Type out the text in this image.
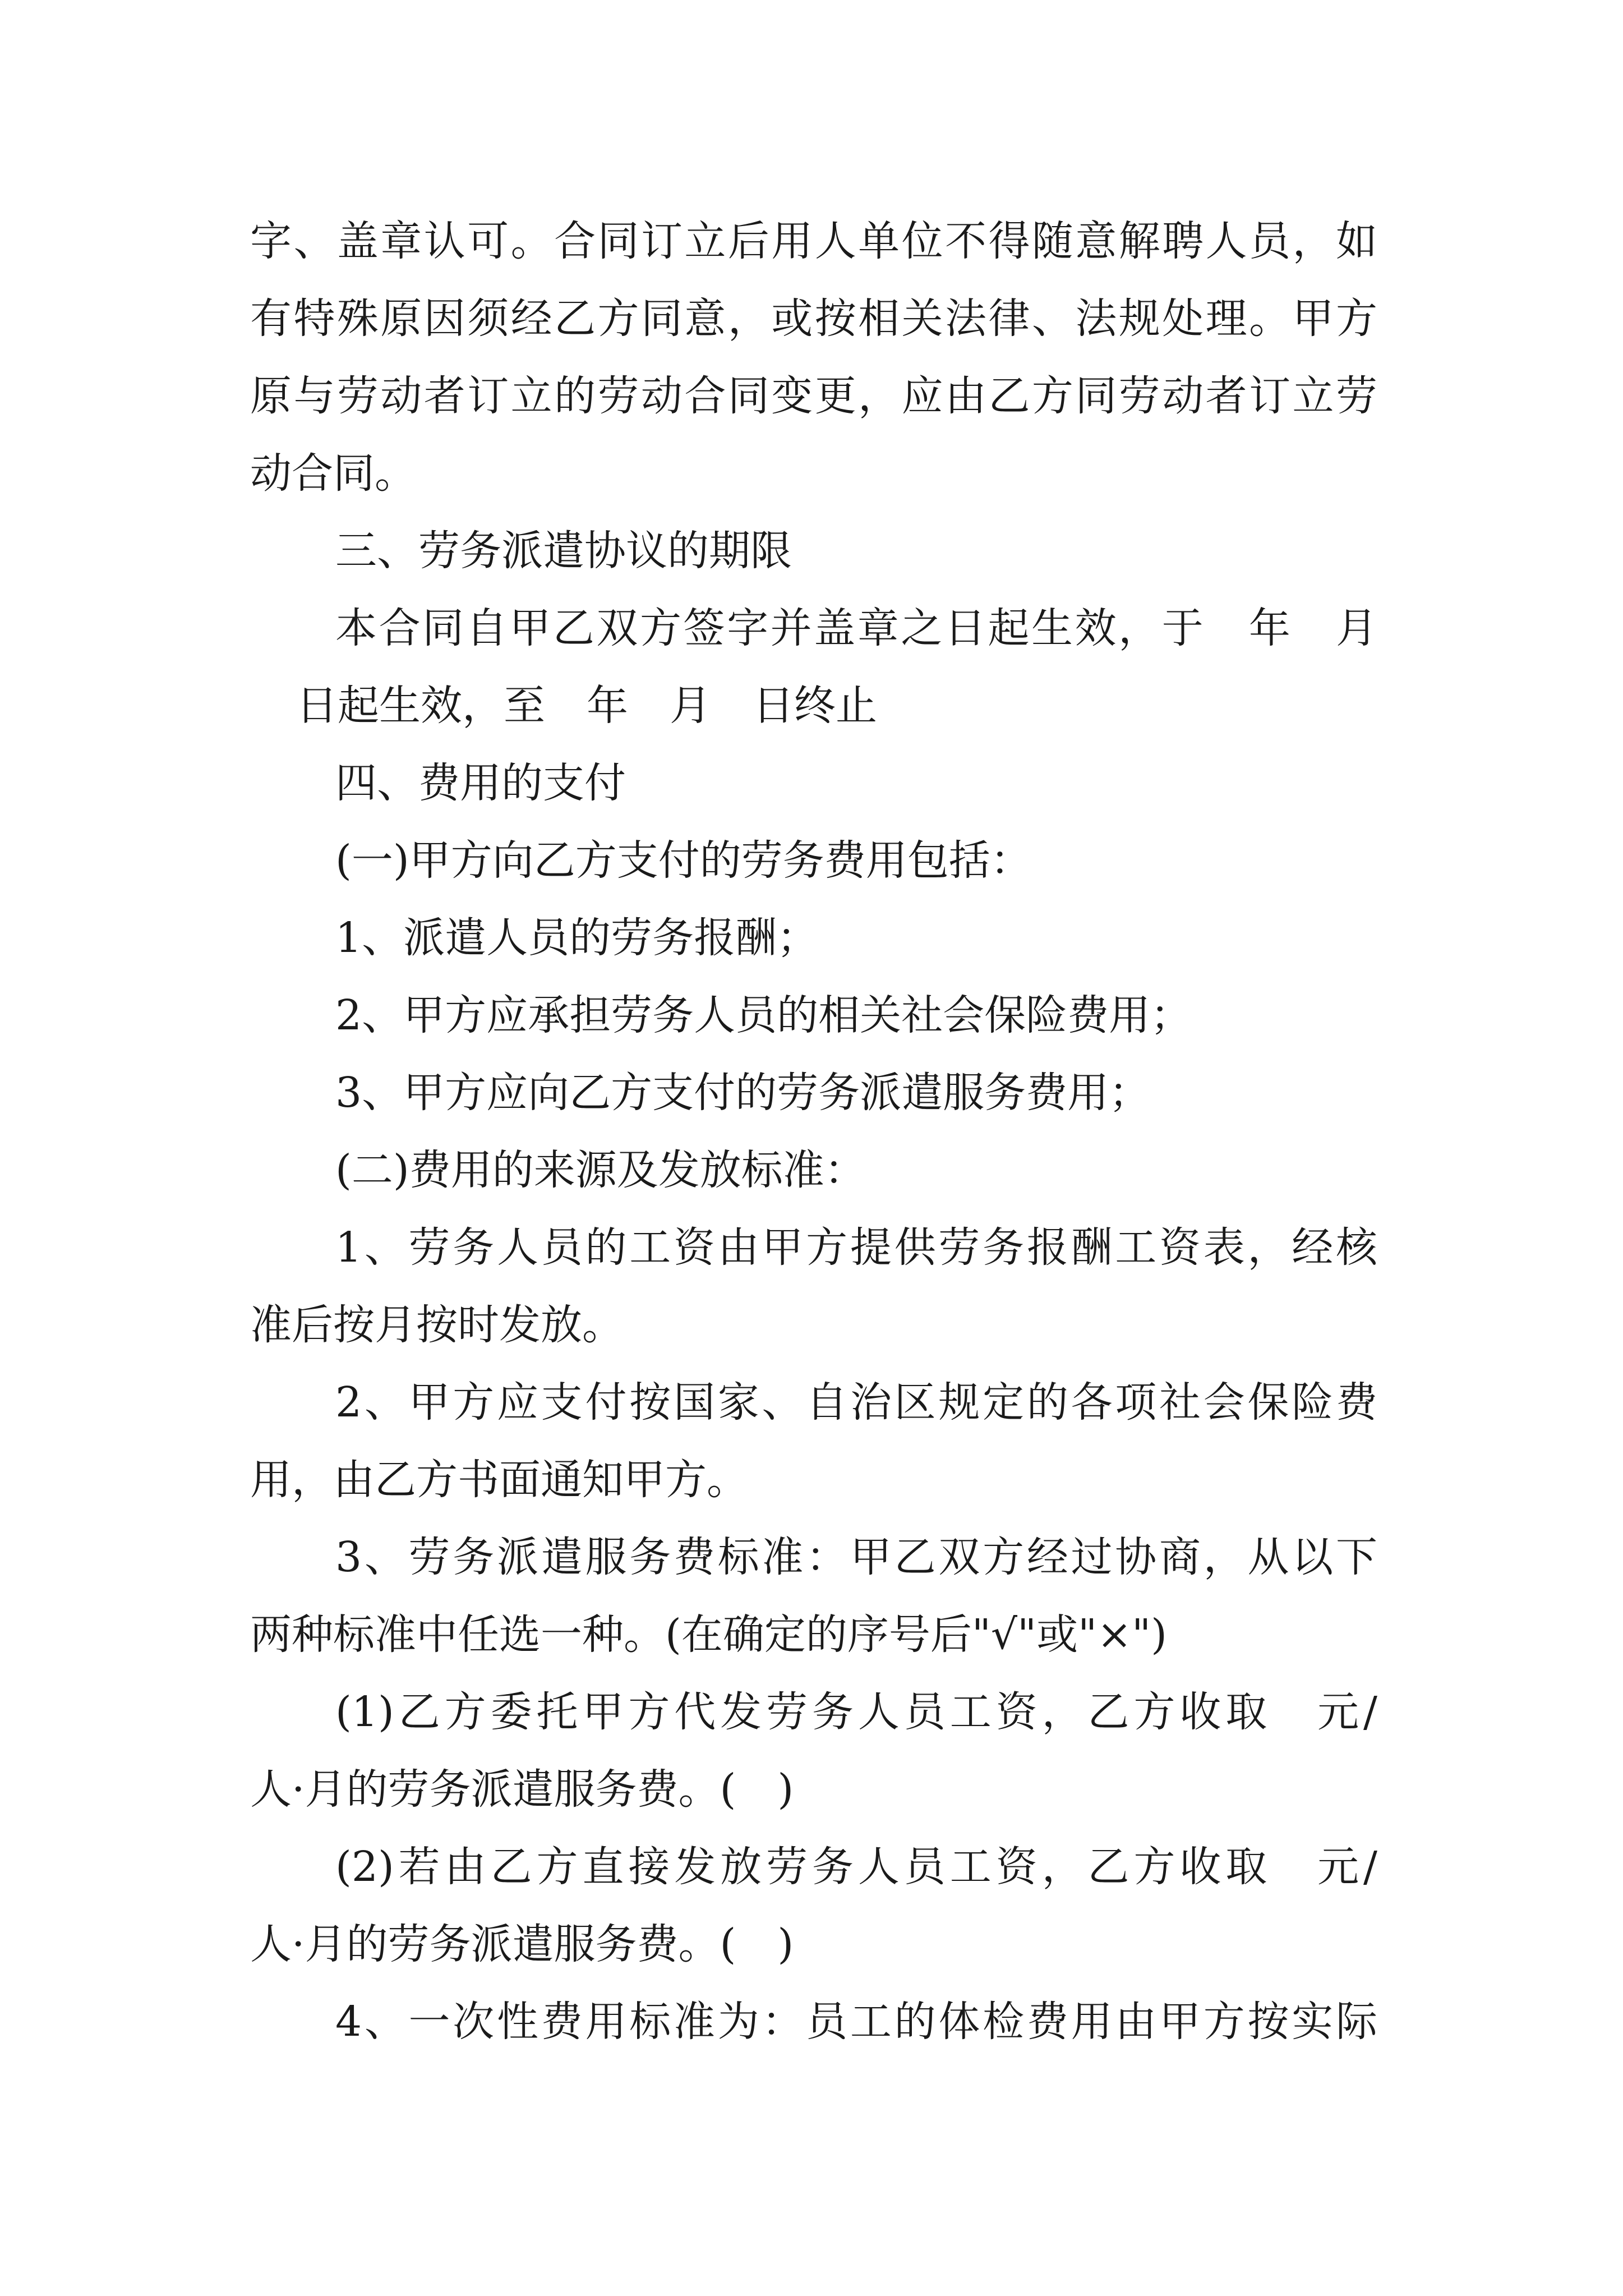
字、盖章认可。合同订立后用人单位不得随意解聘人员，如

有特殊原因须经乙方同意，或按相关法律、法规处理。甲方

原与劳动者订立的劳动合同变更，应由乙方同劳动者订立劳

动合同。

三、劳务派遣协议的期限

本合同自甲乙双方签字并盖章之日起生效，于　年　月

日起生效，至　年　月　日终止

四、费用的支付

(一)甲方向乙方支付的劳务费用包括：

1、派遣人员的劳务报酬；

2、甲方应承担劳务人员的相关社会保险费用；

3、甲方应向乙方支付的劳务派遣服务费用；

(二)费用的来源及发放标准：

1、劳务人员的工资由甲方提供劳务报酬工资表，经核

准后按月按时发放。

2、甲方应支付按国家、自治区规定的各项社会保险费

用，由乙方书面通知甲方。

3、劳务派遣服务费标准：甲乙双方经过协商，从以下

两种标准中任选一种。(在确定的序号后"√"或"×")

(1)乙方委托甲方代发劳务人员工资，乙方收取　元/

人·月的劳务派遣服务费。(　)

(2)若由乙方直接发放劳务人员工资，乙方收取　元/

人·月的劳务派遣服务费。(　)

4、一次性费用标准为：员工的体检费用由甲方按实际
